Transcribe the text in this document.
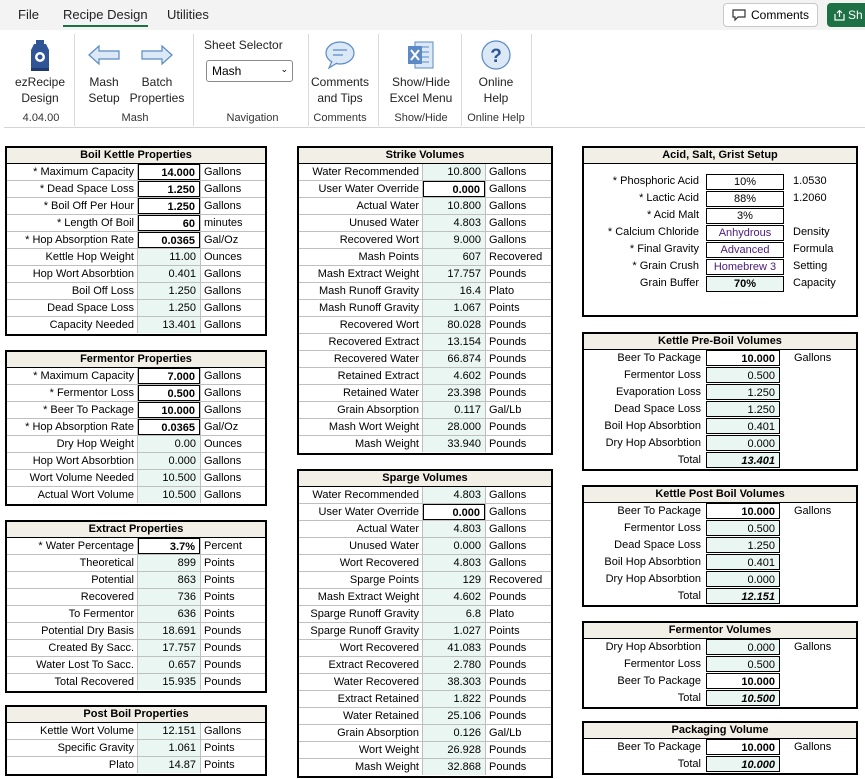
File Recipe Design Utilities	Comments	Sh
ezRecipe
Design
4.04.00
Mash
Setup
Batch
Properties
Mash
Sheet Selector
Mash	⌄
Navigation
Comments
and Tips
Comments
Show/Hide
Excel Menu
Show/Hide
?
Online
Help
Online Help
Boil Kettle Properties
* Maximum Capacity	14.000 Gallons
* Dead Space Loss	1.250 Gallons
* Boil Off Per Hour	1.250 Gallons
* Length Of Boil	60 minutes
* Hop Absorption Rate	0.0365 Gal/Oz
Kettle Hop Weight	11.00 Ounces
Hop Wort Absorbtion	0.401 Gallons
Boil Off Loss	1.250 Gallons
Dead Space Loss	1.250 Gallons
Capacity Needed	13.401 Gallons
Fermentor Properties
* Maximum Capacity	7.000 Gallons
* Fermentor Loss	0.500 Gallons
* Beer To Package	10.000 Gallons
* Hop Absorption Rate	0.0365 Gal/Oz
Dry Hop Weight	0.00 Ounces
Hop Wort Absorbtion	0.000 Gallons
Wort Volume Needed	10.500 Gallons
Actual Wort Volume	10.500 Gallons
Extract Properties
* Water Percentage	3.7% Percent
Theoretical	899 Points
Potential	863 Points
Recovered	736 Points
To Fermentor	636 Points
Potential Dry Basis	18.691 Pounds
Created By Sacc.	17.757 Pounds
Water Lost To Sacc.	0.657 Pounds
Total Recovered	15.935 Pounds
Post Boil Properties
Kettle Wort Volume	12.151 Gallons
Specific Gravity	1.061 Points
Plato	14.87 Points
Strike Volumes
Water Recommended	10.800 Gallons
User Water Override	0.000 Gallons
Actual Water	10.800 Gallons
Unused Water	4.803 Gallons
Recovered Wort	9.000 Gallons
Mash Points	607 Recovered
Mash Extract Weight	17.757 Pounds
Mash Runoff Gravity	16.4 Plato
Mash Runoff Gravity	1.067 Points
Recovered Wort	80.028 Pounds
Recovered Extract	13.154 Pounds
Recovered Water	66.874 Pounds
Retained Extract	4.602 Pounds
Retained Water	23.398 Pounds
Grain Absorption	0.117 Gal/Lb
Mash Wort Weight	28.000 Pounds
Mash Weight	33.940 Pounds
Sparge Volumes
Water Recommended	4.803 Gallons
User Water Override	0.000 Gallons
Actual Water	4.803 Gallons
Unused Water	0.000 Gallons
Wort Recovered	4.803 Gallons
Sparge Points	129 Recovered
Mash Extract Weight	4.602 Pounds
Sparge Runoff Gravity	6.8 Plato
Sparge Runoff Gravity	1.027 Points
Wort Recovered	41.083 Pounds
Extract Recovered	2.780 Pounds
Water Recovered	38.303 Pounds
Extract Retained	1.822 Pounds
Water Retained	25.106 Pounds
Grain Absorption	0.126 Gal/Lb
Wort Weight	26.928 Pounds
Mash Weight	32.868 Pounds
Acid, Salt, Grist Setup
* Phosphoric Acid	10%	1.0530
* Lactic Acid	88%	1.2060
* Acid Malt	3%
* Calcium Chloride	Anhydrous	Density
* Final Gravity	Advanced	Formula
* Grain Crush	Homebrew 3	Setting
Grain Buffer	70%	Capacity
Kettle Pre-Boil Volumes
Beer To Package	10.000	Gallons
Fermentor Loss	0.500
Evaporation Loss	1.250
Dead Space Loss	1.250
Boil Hop Absorbtion	0.401
Dry Hop Absorbtion	0.000
Total	13.401
Kettle Post Boil Volumes
Beer To Package	10.000	Gallons
Fermentor Loss	0.500
Dead Space Loss	1.250
Boil Hop Absorbtion	0.401
Dry Hop Absorbtion	0.000
Total	12.151
Fermentor Volumes
Dry Hop Absorbtion	0.000	Gallons
Fermentor Loss	0.500
Beer To Package	10.000
Total	10.500
Packaging Volume
Beer To Package	10.000	Gallons
Total	10.000
